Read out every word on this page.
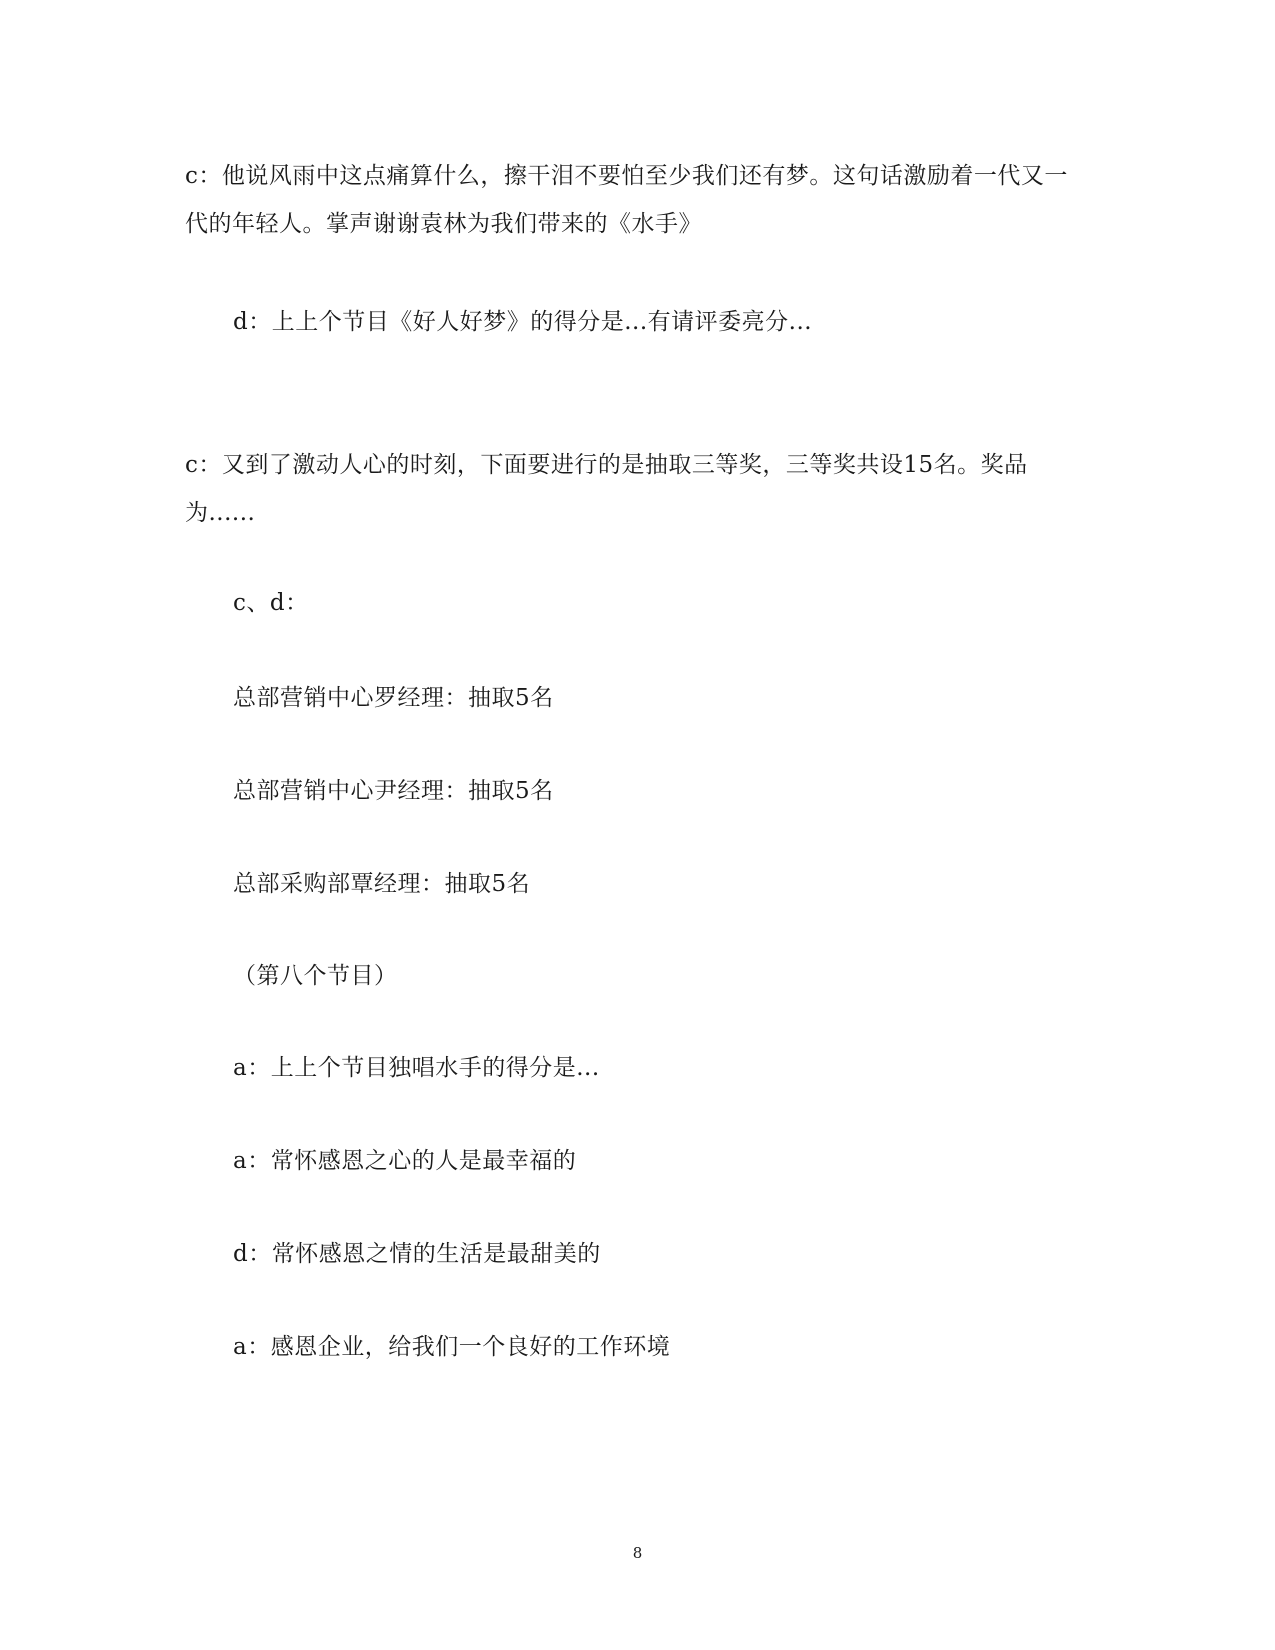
c：他说风雨中这点痛算什么，擦干泪不要怕至少我们还有梦。这句话激励着一代又一代的年轻人。掌声谢谢袁林为我们带来的《水手》

d：上上个节目《好人好梦》的得分是...有请评委亮分...

c：又到了激动人心的时刻，下面要进行的是抽取三等奖，三等奖共设15名。奖品为......

c、d：

总部营销中心罗经理：抽取5名

总部营销中心尹经理：抽取5名

总部采购部覃经理：抽取5名

（第八个节目）

a：上上个节目独唱水手的得分是...

a：常怀感恩之心的人是最幸福的

d：常怀感恩之情的生活是最甜美的

a：感恩企业，给我们一个良好的工作环境

8
